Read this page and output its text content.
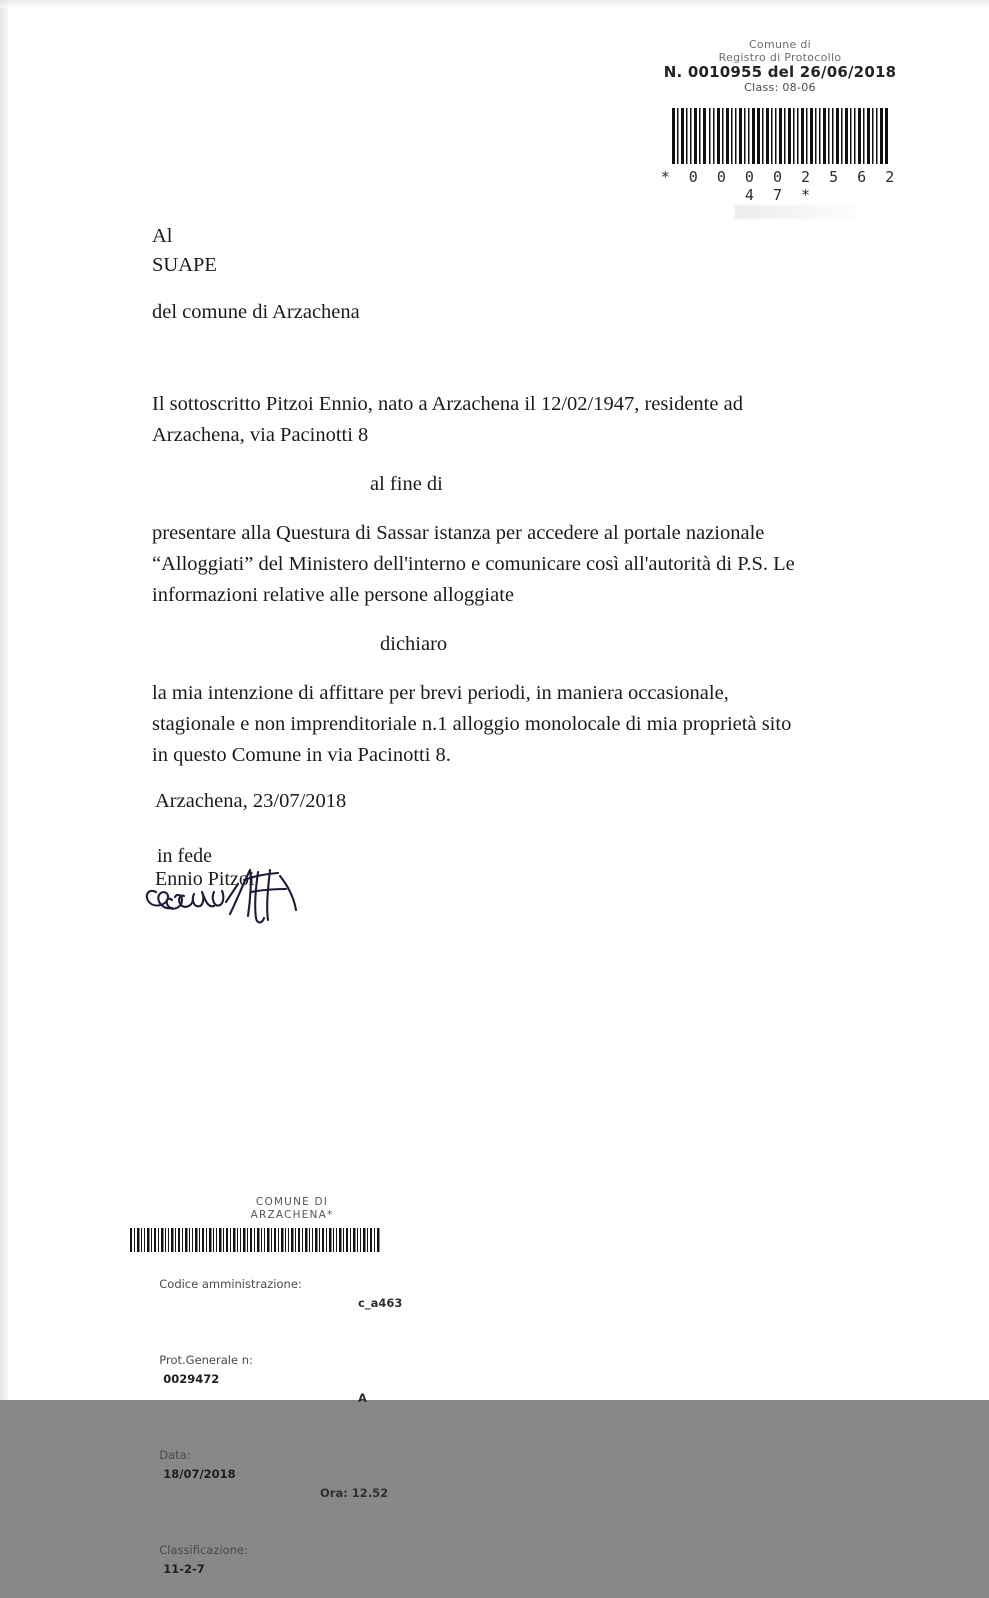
Comune di
Registro di Protocollo
N. 0010955 del 26/06/2018
Class: 08-06
* 0 0 0 0 2 5 6 2 4 7 *

Al

SUAPE

del comune di Arzachena

Il sottoscritto Pitzoi Ennio, nato a Arzachena il 12/02/1947, residente ad Arzachena, via Pacinotti 8

al fine di

presentare alla Questura di Sassar istanza per accedere al portale nazionale “Alloggiati” del Ministero dell'interno e comunicare così all'autorità di P.S. Le informazioni relative alle persone alloggiate

dichiaro

la mia intenzione di affittare per brevi periodi, in maniera occasionale, stagionale e non imprenditoriale n.1 alloggio monolocale di mia proprietà sito in questo Comune in via Pacinotti 8.

Arzachena, 23/07/2018
in fede
Ennio Pitzoi
COMUNE DI
ARZACHENA*

Codice amministrazione:

c_a463

Prot.Generale n:
0029472

A

Data:
18/07/2018

Ora: 12.52

Classificazione:
11-2-7
